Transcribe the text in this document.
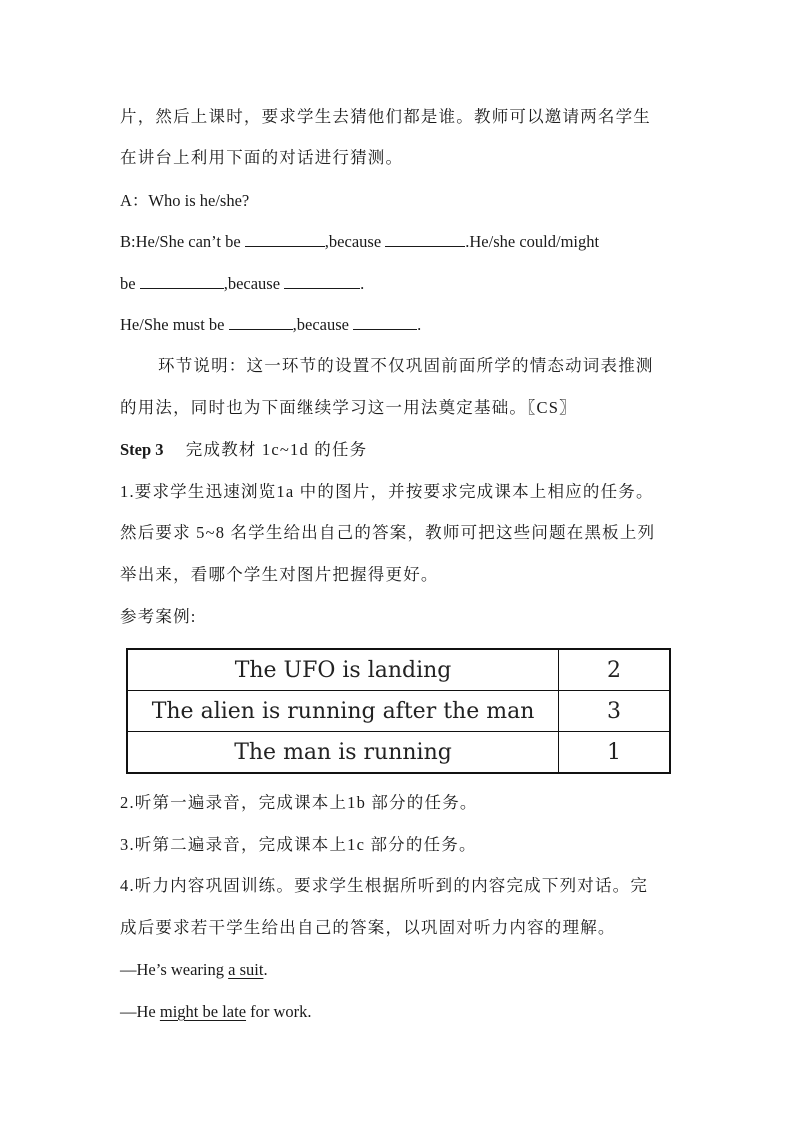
片，然后上课时，要求学生去猜他们都是谁。教师可以邀请两名学生
在讲台上利用下面的对话进行猜测。
A：Who is he/she?
B:He/She can’t be	,because	.He/she could/might
be	,because	.
He/She must be	,because	.
环节说明：这一环节的设置不仅巩固前面所学的情态动词表推测
的用法，同时也为下面继续学习这一用法奠定基础。〖CS〗
Step 3 完成教材 1c~1d 的任务
1.要求学生迅速浏览1a 中的图片，并按要求完成课本上相应的任务。
然后要求 5~8 名学生给出自己的答案，教师可把这些问题在黑板上列
举出来，看哪个学生对图片把握得更好。
参考案例:
The UFO is landing	2
The alien is running after the man	3
The man is running	1
2.听第一遍录音，完成课本上1b 部分的任务。
3.听第二遍录音，完成课本上1c 部分的任务。
4.听力内容巩固训练。要求学生根据所听到的内容完成下列对话。完
成后要求若干学生给出自己的答案，以巩固对听力内容的理解。
—He’s wearing a suit.
—He might be late for work.
